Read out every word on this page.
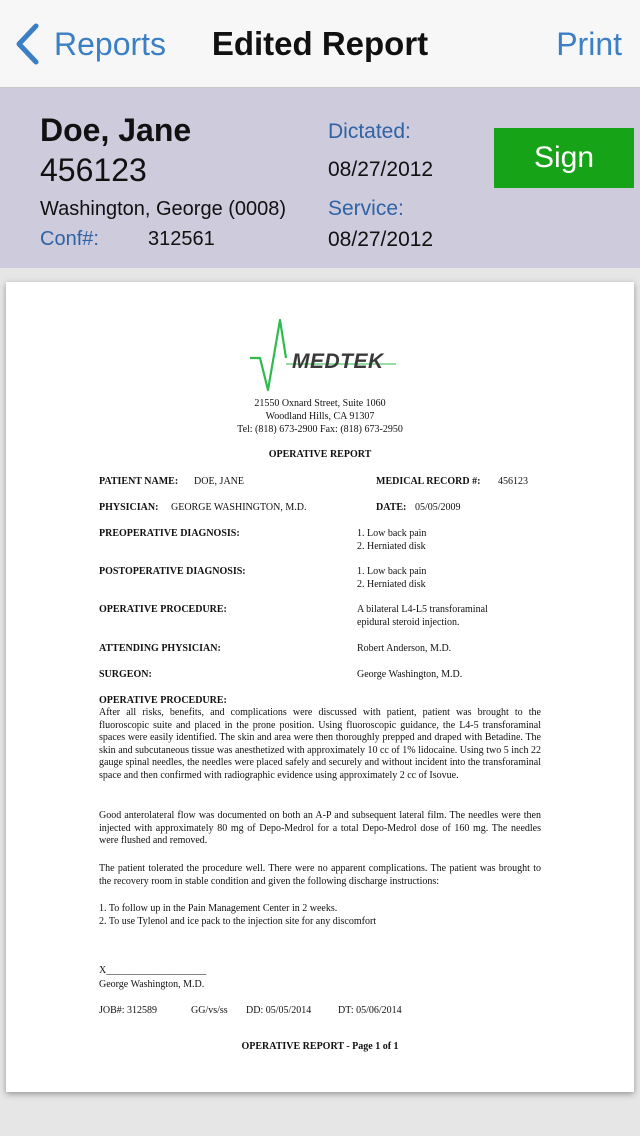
Reports	Edited Report	Print
Doe, Jane
456123
Washington, George (0008)
Conf#: 312561
Dictated:
08/27/2012
Service:
08/27/2012
Sign
MEDTEK
21550 Oxnard Street, Suite 1060
Woodland Hills, CA 91307
Tel: (818) 673-2900 Fax: (818) 673-2950
OPERATIVE REPORT
PATIENT NAME: DOE, JANE	MEDICAL RECORD #: 456123
PHYSICIAN: GEORGE WASHINGTON, M.D.	DATE: 05/05/2009
PREOPERATIVE DIAGNOSIS:	1. Low back pain
2. Herniated disk
POSTOPERATIVE DIAGNOSIS:	1. Low back pain
2. Herniated disk
OPERATIVE PROCEDURE:	A bilateral L4-L5 transforaminal
epidural steroid injection.
ATTENDING PHYSICIAN:	Robert Anderson, M.D.
SURGEON:	George Washington, M.D.
OPERATIVE PROCEDURE:
After all risks, benefits, and complications were discussed with patient, patient was brought to the fluoroscopic suite and placed in the prone position. Using fluoroscopic guidance, the L4-5 transforaminal spaces were easily identified. The skin and area were then thoroughly prepped and draped with Betadine. The skin and subcutaneous tissue was anesthetized with approximately 10 cc of 1% lidocaine. Using two 5 inch 22 gauge spinal needles, the needles were placed safely and securely and without incident into the transforaminal space and then confirmed with radiographic evidence using approximately 2 cc of Isovue.
Good anterolateral flow was documented on both an A-P and subsequent lateral film. The needles were then injected with approximately 80 mg of Depo-Medrol for a total Depo-Medrol dose of 160 mg. The needles were flushed and removed.
The patient tolerated the procedure well. There were no apparent complications. The patient was brought to the recovery room in stable condition and given the following discharge instructions:
1. To follow up in the Pain Management Center in 2 weeks.
2. To use Tylenol and ice pack to the injection site for any discomfort
X____________________
George Washington, M.D.
JOB#: 312589	GG/vs/ss DD: 05/05/2014	DT: 05/06/2014
OPERATIVE REPORT - Page 1 of 1
